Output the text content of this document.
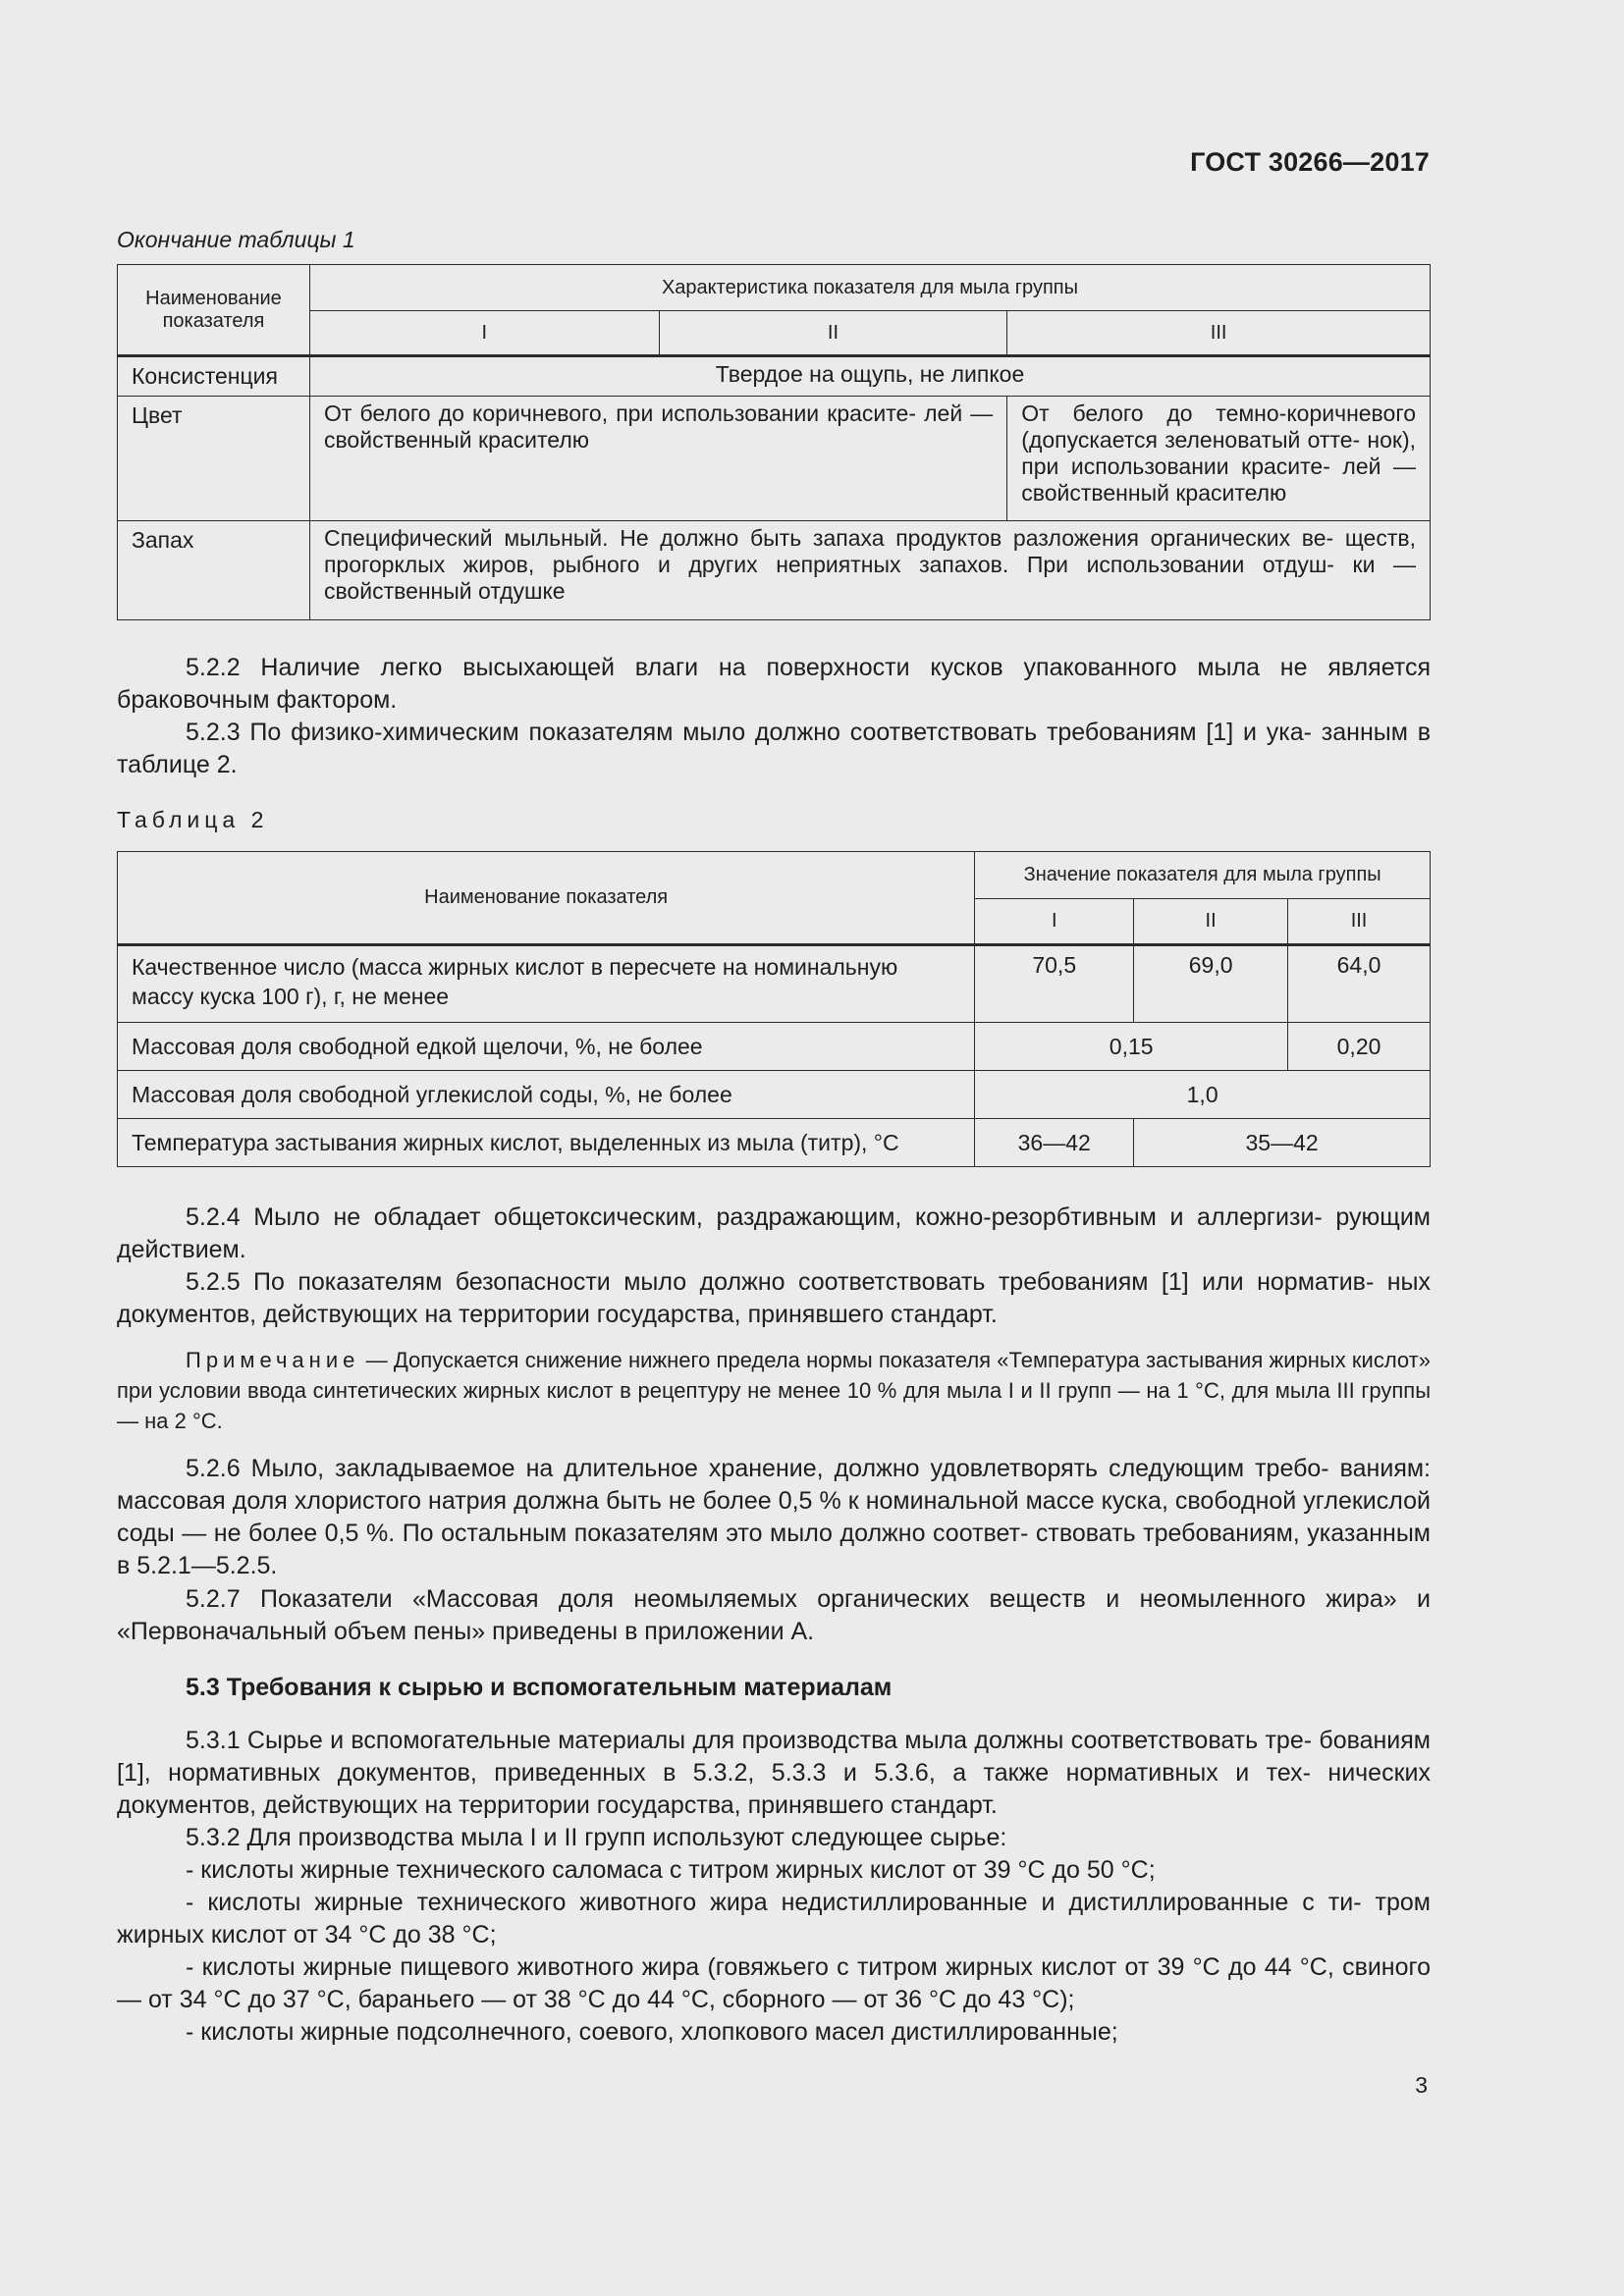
ГОСТ 30266—2017
Окончание таблицы 1
Наименование показателя	Характеристика показателя для мыла группы		
	I	II	III
Консистенция	Твердое на ощупь, не липкое		
Цвет	От белого до коричневого, при использовании красите- лей — свойственный красителю		От белого до темно-коричневого (допускается зеленоватый отте- нок), при использовании красите- лей — свойственный красителю
Запах	Специфический мыльный. Не должно быть запаха продуктов разложения органических ве- ществ, прогорклых жиров, рыбного и других неприятных запахов. При использовании отдуш- ки — свойственный отдушке		
5.2.2 Наличие легко высыхающей влаги на поверхности кусков упакованного мыла не является браковочным фактором.
5.2.3 По физико-химическим показателям мыло должно соответствовать требованиям [1] и ука- занным в таблице 2.
Таблица 2
Наименование показателя	Значение показателя для мыла группы		
	I	II	III
Качественное число (масса жирных кислот в пересчете на номинальную массу куска 100 г), г, не менее	70,5	69,0	64,0
Массовая доля свободной едкой щелочи, %, не более	0,15		0,20
Массовая доля свободной углекислой соды, %, не более	1,0		
Температура застывания жирных кислот, выделенных из мыла (титр), °С	36—42	35—42	
5.2.4 Мыло не обладает общетоксическим, раздражающим, кожно-резорбтивным и аллергизи- рующим действием.
5.2.5 По показателям безопасности мыло должно соответствовать требованиям [1] или норматив- ных документов, действующих на территории государства, принявшего стандарт.
Примечание — Допускается снижение нижнего предела нормы показателя «Температура застывания жирных кислот» при условии ввода синтетических жирных кислот в рецептуру не менее 10 % для мыла I и II групп — на 1 °С, для мыла III группы — на 2 °С.
5.2.6 Мыло, закладываемое на длительное хранение, должно удовлетворять следующим требо- ваниям: массовая доля хлористого натрия должна быть не более 0,5 % к номинальной массе куска, свободной углекислой соды — не более 0,5 %. По остальным показателям это мыло должно соответ- ствовать требованиям, указанным в 5.2.1—5.2.5.
5.2.7 Показатели «Массовая доля неомыляемых органических веществ и неомыленного жира» и «Первоначальный объем пены» приведены в приложении А.
5.3 Требования к сырью и вспомогательным материалам
5.3.1 Сырье и вспомогательные материалы для производства мыла должны соответствовать тре- бованиям [1], нормативных документов, приведенных в 5.3.2, 5.3.3 и 5.3.6, а также нормативных и тех- нических документов, действующих на территории государства, принявшего стандарт.
5.3.2 Для производства мыла I и II групп используют следующее сырье:
- кислоты жирные технического саломаса с титром жирных кислот от 39 °С до 50 °С;
- кислоты жирные технического животного жира недистиллированные и дистиллированные с ти- тром жирных кислот от 34 °С до 38 °С;
- кислоты жирные пищевого животного жира (говяжьего с титром жирных кислот от 39 °С до 44 °С, свиного — от 34 °С до 37 °С, бараньего — от 38 °С до 44 °С, сборного — от 36 °С до 43 °С);
- кислоты жирные подсолнечного, соевого, хлопкового масел дистиллированные;
3
